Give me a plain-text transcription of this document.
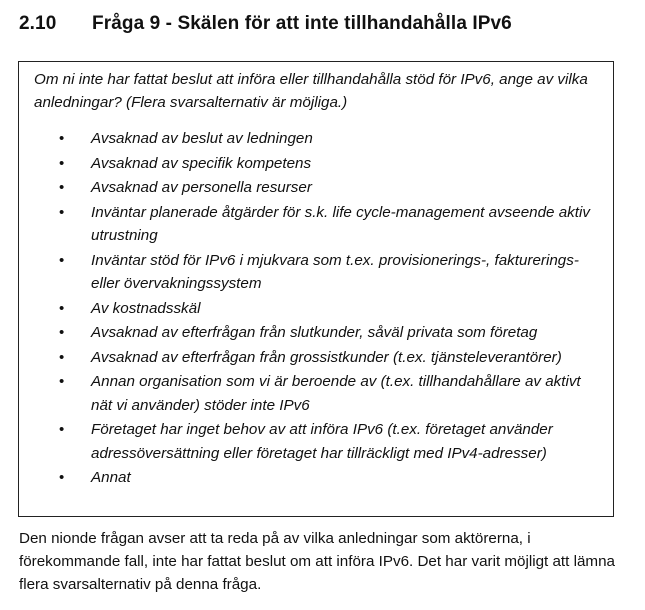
2.10 Fråga 9 - Skälen för att inte tillhandahålla IPv6
Om ni inte har fattat beslut att införa eller tillhandahålla stöd för IPv6, ange av vilka anledningar? (Flera svarsalternativ är möjliga.)
• Avsaknad av beslut av ledningen
• Avsaknad av specifik kompetens
• Avsaknad av personella resurser
• Inväntar planerade åtgärder för s.k. life cycle-management avseende aktiv utrustning
• Inväntar stöd för IPv6 i mjukvara som t.ex. provisionerings-, fakturerings- eller övervakningssystem
• Av kostnadsskäl
• Avsaknad av efterfrågan från slutkunder, såväl privata som företag
• Avsaknad av efterfrågan från grossistkunder (t.ex. tjänsteleverantörer)
• Annan organisation som vi är beroende av (t.ex. tillhandahållare av aktivt nät vi använder) stöder inte IPv6
• Företaget har inget behov av att införa IPv6 (t.ex. företaget använder adressöversättning eller företaget har tillräckligt med IPv4-adresser)
• Annat
Den nionde frågan avser att ta reda på av vilka anledningar som aktörerna, i förekommande fall, inte har fattat beslut om att införa IPv6. Det har varit möjligt att lämna flera svarsalternativ på denna fråga.
